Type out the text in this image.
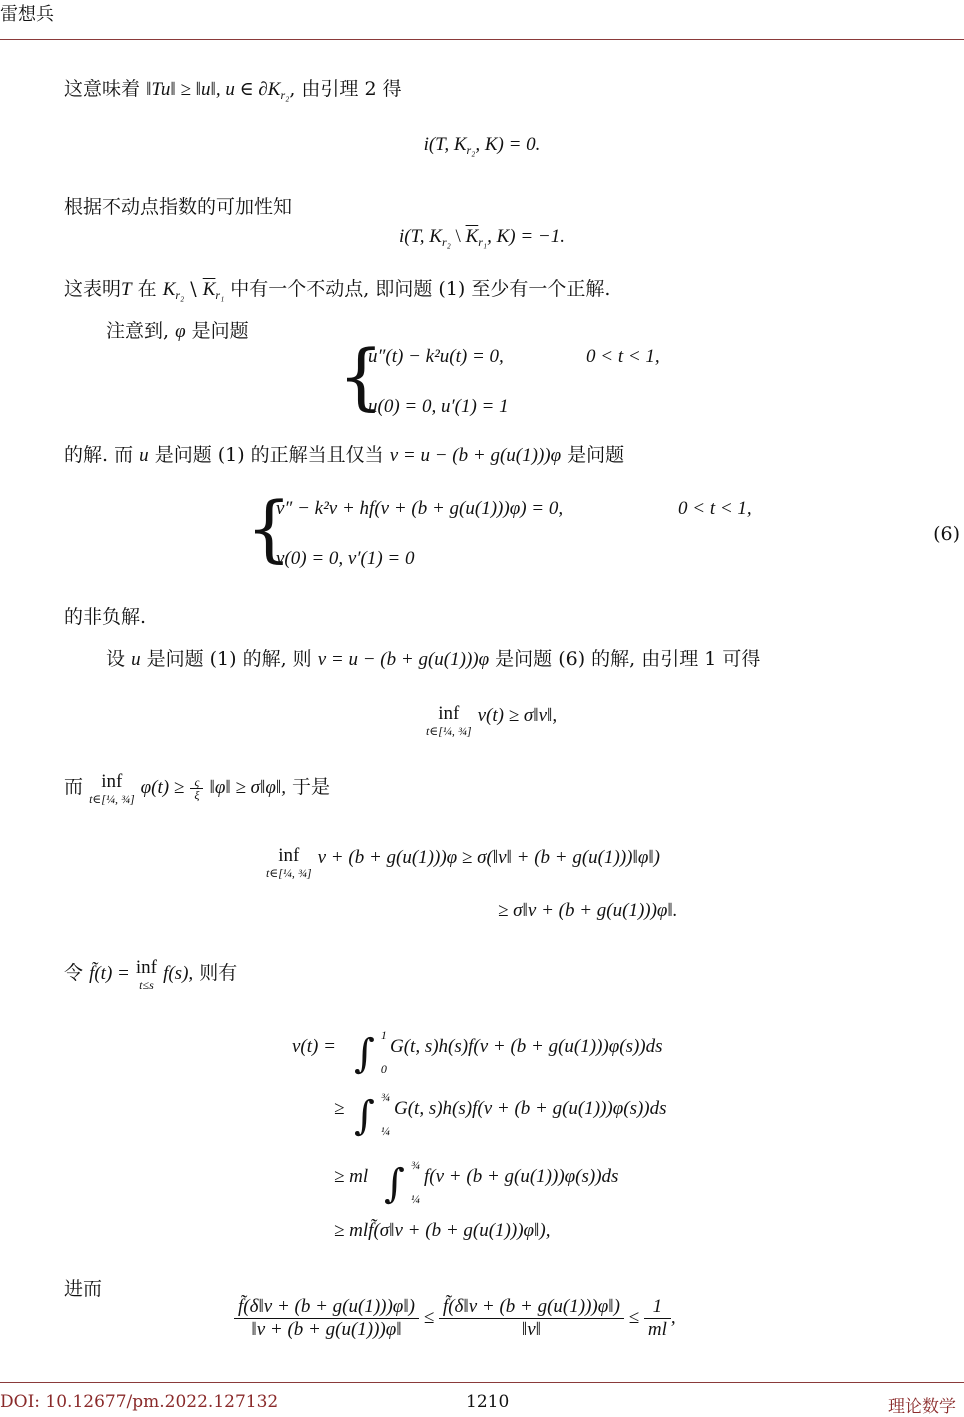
雷想兵
这意味着 ‖Tu‖ ≥ ‖u‖, u ∈ $\partial K_{r_2}$, 由引理 2 得
i(T, $K_{r_2}$, K) = 0.
根据不动点指数的可加性知
i(T, $K_{r_2}$ \ $\overline{K}_{r_1}$, K) = −1.
这表明T 在 $K_{r_2}$ \ $\overline{K}_{r_1}$ 中有一个不动点, 即问题 (1) 至少有一个正解.
注意到, φ 是问题
{
u″(t) − k²u(t) = 0,	0 < t < 1,
u(0) = 0, u′(1) = 1
的解. 而 u 是问题 (1) 的正解当且仅当 v = u − (b + g(u(1)))φ 是问题
{
v″ − k²v + hf(v + (b + g(u(1)))φ) = 0,	0 < t < 1,
v(0) = 0, v′(1) = 0
(6)
的非负解.
设 u 是问题 (1) 的解, 则 v = u − (b + g(u(1)))φ 是问题 (6) 的解, 由引理 1 可得
inf
t∈[¼, ¾]
v(t) ≥ σ‖v‖,
而 inf
t∈[¼, ¾]
$\varphi(t) \ge \frac{\varsigma}{\xi}$ ‖φ‖ ≥ σ‖φ‖, 于是
inf
t∈[¼, ¾]
v + (b + g(u(1)))φ ≥ σ(‖v‖ + (b + g(u(1)))‖φ‖)
≥ σ‖v + (b + g(u(1)))φ‖.
令 f̃(t) = inf
t≤s
f(s), 则有
v(t) = ∫ 1
0
G(t, s)h(s)f(v + (b + g(u(1)))φ(s))ds
≥ ∫ ¾
¼
G(t, s)h(s)f(v + (b + g(u(1)))φ(s))ds
≥ ml ∫ ¾
¼
f(v + (b + g(u(1)))φ(s))ds
≥ mlf̃(σ‖v + (b + g(u(1)))φ‖),
进而
$\frac{f̃(\delta‖v + (b + g(u(1)))\varphi‖)}{‖v + (b + g(u(1)))\varphi‖} \le \frac{f̃(\delta‖v + (b + g(u(1)))\varphi‖)}{‖v‖} \le \frac{1}{ml}$ ,
DOI: 10.12677/pm.2022.127132	1210	理论数学
